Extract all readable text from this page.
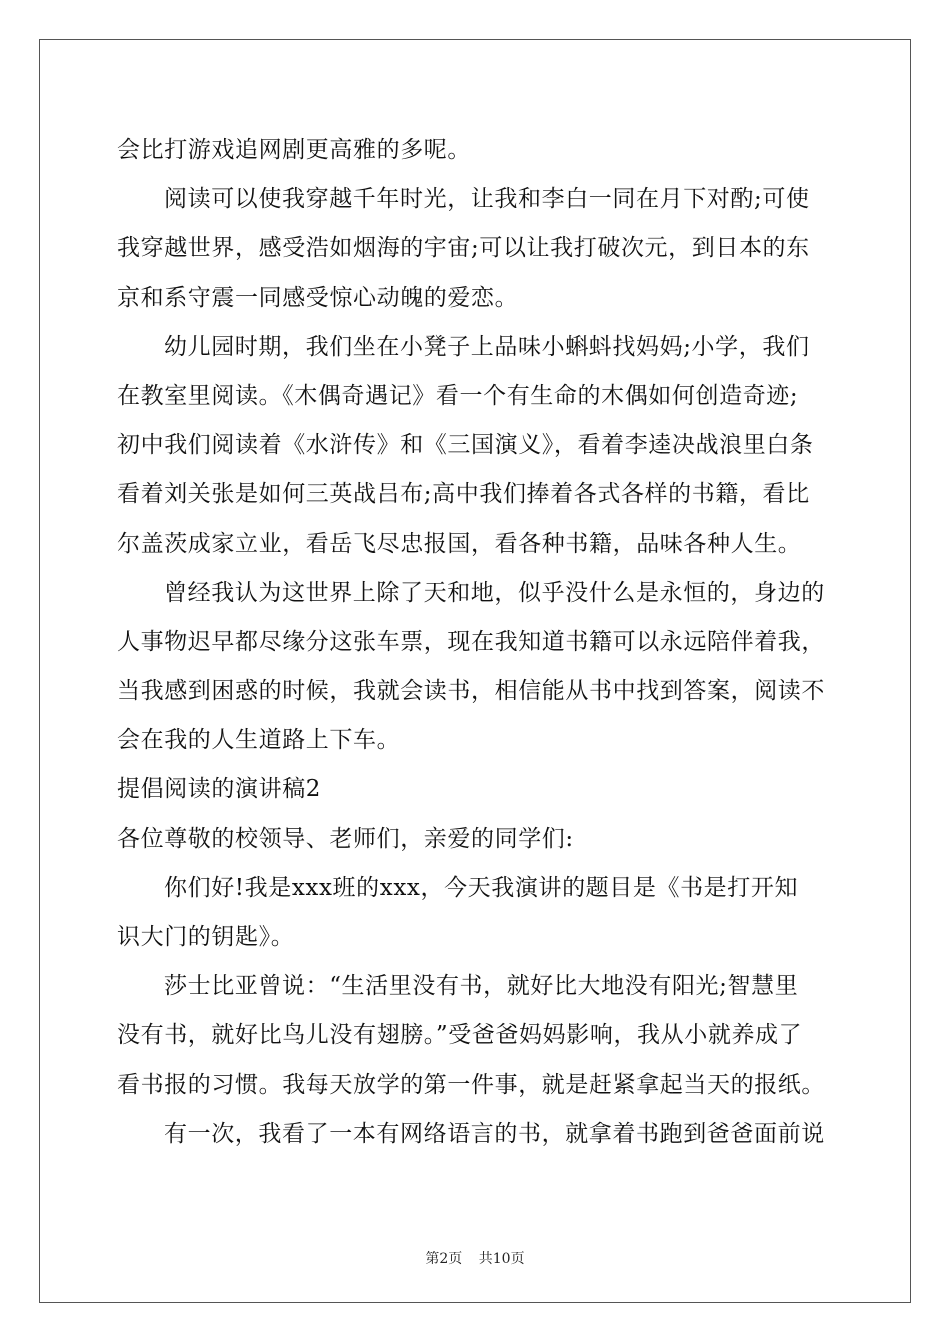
会比打游戏追网剧更高雅的多呢。
阅读可以使我穿越千年时光，让我和李白一同在月下对酌;可使
我穿越世界，感受浩如烟海的宇宙;可以让我打破次元，到日本的东
京和系守震一同感受惊心动魄的爱恋。
幼儿园时期，我们坐在小凳子上品味小蝌蚪找妈妈;小学，我们
在教室里阅读。《木偶奇遇记》看一个有生命的木偶如何创造奇迹;
初中我们阅读着《水浒传》和《三国演义》，看着李逵决战浪里白条
看着刘关张是如何三英战吕布;高中我们捧着各式各样的书籍，看比
尔盖茨成家立业，看岳飞尽忠报国，看各种书籍，品味各种人生。
曾经我认为这世界上除了天和地，似乎没什么是永恒的，身边的
人事物迟早都尽缘分这张车票，现在我知道书籍可以永远陪伴着我，
当我感到困惑的时候，我就会读书，相信能从书中找到答案，阅读不
会在我的人生道路上下车。
提倡阅读的演讲稿2
各位尊敬的校领导、老师们，亲爱的同学们:
你们好!我是xxx班的xxx，今天我演讲的题目是《书是打开知
识大门的钥匙》。
莎士比亚曾说：“生活里没有书，就好比大地没有阳光;智慧里
没有书，就好比鸟儿没有翅膀。”受爸爸妈妈影响，我从小就养成了
看书报的习惯。我每天放学的第一件事，就是赶紧拿起当天的报纸。
有一次，我看了一本有网络语言的书，就拿着书跑到爸爸面前说
第2页 共10页
